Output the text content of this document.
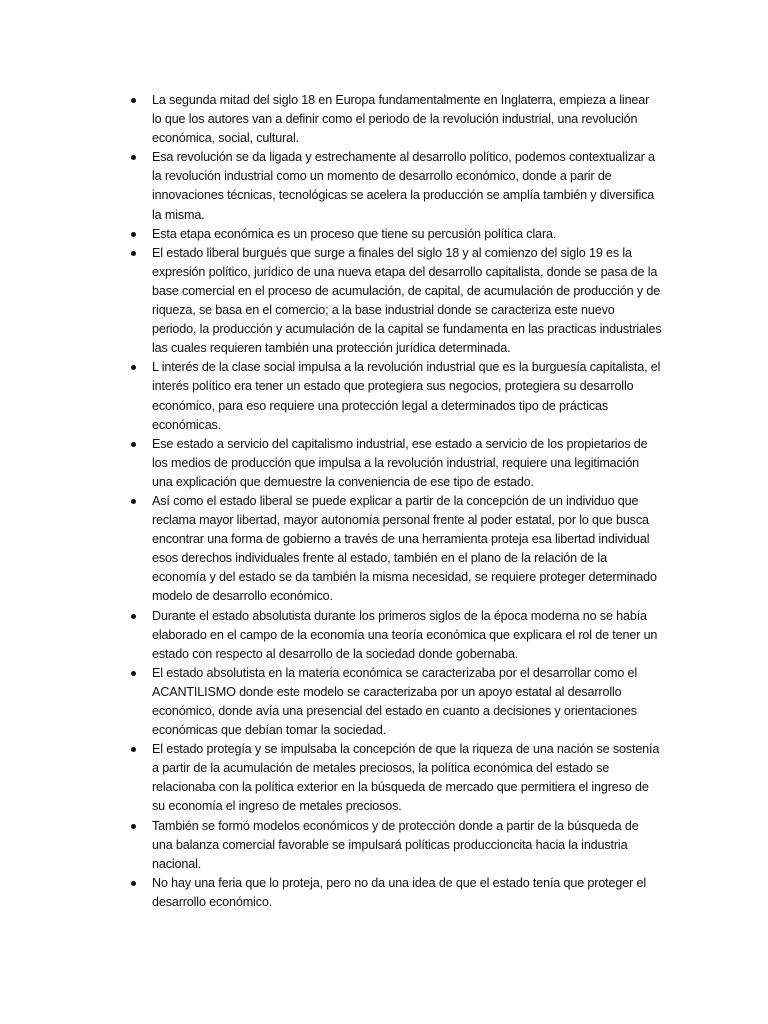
La segunda mitad del siglo 18 en Europa fundamentalmente en Inglaterra, empieza a linear lo que los autores van a definir como el periodo de la revolución industrial, una revolución económica, social, cultural.
Esa revolución se da ligada y estrechamente al desarrollo político, podemos contextualizar a la revolución industrial como un momento de desarrollo económico, donde a parir de innovaciones técnicas, tecnológicas se acelera la producción se amplía también y diversifica la misma.
Esta etapa económica es un proceso que tiene su percusión política clara.
El estado liberal burgués que surge a finales del siglo 18 y al comienzo del siglo 19 es la expresión político, jurídico de una nueva etapa del desarrollo capitalista, donde se pasa de la base comercial en el proceso de acumulación, de capital, de acumulación de producción y de riqueza, se basa en el comercio; a la base industrial donde se caracteriza este nuevo periodo, la producción y acumulación de la capital se fundamenta en las practicas industriales las cuales requieren también una protección jurídica determinada.
L interés de la clase social impulsa a la revolución industrial que es la burguesía capitalista, el interés político era tener un estado que protegiera sus negocios, protegiera su desarrollo económico, para eso requiere una protección legal a determinados tipo de prácticas económicas.
Ese estado a servicio del capitalismo industrial, ese estado a servicio de los propietarios de los medios de producción que impulsa a la revolución industrial, requiere una legitimación una explicación que demuestre la conveniencia de ese tipo de estado.
Así como el estado liberal se puede explicar a partir de la concepción de un individuo que reclama mayor libertad, mayor autonomía personal frente al poder estatal, por lo que busca encontrar una forma de gobierno a través de una herramienta proteja esa libertad individual esos derechos individuales frente al estado, también en el plano de la relación de la economía y del estado se da también la misma necesidad, se requiere proteger determinado modelo de desarrollo económico.
Durante el estado absolutista durante los primeros siglos de la época moderna no se había elaborado en el campo de la economía una teoría económica que explicara el rol de tener un estado con respecto al desarrollo de la sociedad donde gobernaba.
El estado absolutista en la materia económica se caracterizaba por el desarrollar como el ACANTILISMO donde este modelo se caracterizaba por un apoyo estatal al desarrollo económico, donde avía una presencial del estado en cuanto a decisiones y orientaciones económicas que debían tomar la sociedad.
El estado protegía y se impulsaba la concepción de que la riqueza de una nación se sostenía a partir de la acumulación de metales preciosos, la política económica del estado se relacionaba con la política exterior en la búsqueda de mercado que permitiera el ingreso de su economía el ingreso de metales preciosos.
También se formó modelos económicos y de protección donde a partir de la búsqueda de una balanza comercial favorable se impulsará políticas produccioncita hacia la industria nacional.
No hay una feria que lo proteja, pero no da una idea de que el estado tenía que proteger el desarrollo económico.
